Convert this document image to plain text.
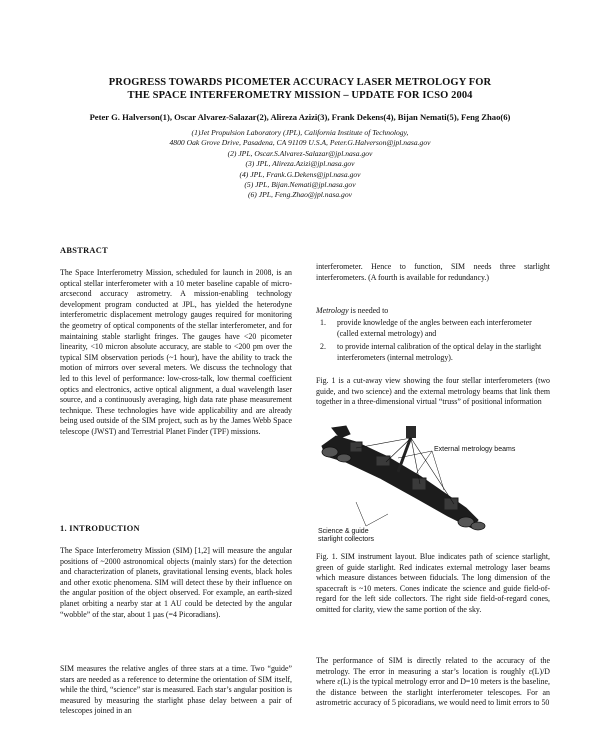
PROGRESS TOWARDS PICOMETER ACCURACY LASER METROLOGY FOR
THE SPACE INTERFEROMETRY MISSION – UPDATE FOR ICSO 2004
Peter G. Halverson(1), Oscar Alvarez-Salazar(2), Alireza Azizi(3), Frank Dekens(4), Bijan Nemati(5), Feng Zhao(6)
(1)Jet Propulsion Laboratory (JPL), California Institute of Technology,
4800 Oak Grove Drive, Pasadena, CA 91109 U.S.A, Peter.G.Halverson@jpl.nasa.gov
(2) JPL, Oscar.S.Alvarez-Salazar@jpl.nasa.gov
(3) JPL, Alireza.Azizi@jpl.nasa.gov
(4) JPL, Frank.G.Dekens@jpl.nasa.gov
(5) JPL, Bijan.Nemati@jpl.nasa.gov
(6) JPL, Feng.Zhao@jpl.nasa.gov
ABSTRACT
The Space Interferometry Mission, scheduled for launch in 2008, is an optical stellar interferometer with a 10 meter baseline capable of micro-arcsecond accuracy astrometry. A mission-enabling technology development program conducted at JPL, has yielded the heterodyne interferometric displacement metrology gauges required for monitoring the geometry of optical components of the stellar interferometer, and for maintaining stable starlight fringes. The gauges have <20 picometer linearity, <10 micron absolute accuracy, are stable to <200 pm over the typical SIM observation periods (~1 hour), have the ability to track the motion of mirrors over several meters. We discuss the technology that led to this level of performance: low-cross-talk, low thermal coefficient optics and electronics, active optical alignment, a dual wavelength laser source, and a continuously averaging, high data rate phase measurement technique. These technologies have wide applicability and are already being used outside of the SIM project, such as by the James Webb Space telescope (JWST) and Terrestrial Planet Finder (TPF) missions.
1. INTRODUCTION
The Space Interferometry Mission (SIM) [1,2] will measure the angular positions of ~2000 astronomical objects (mainly stars) for the detection and characterization of planets, gravitational lensing events, black holes and other exotic phenomena. SIM will detect these by their influence on the angular position of the object observed. For example, an earth-sized planet orbiting a nearby star at 1 AU could be detected by the angular “wobble” of the star, about 1 µas (=4 Picoradians).
SIM measures the relative angles of three stars at a time. Two “guide” stars are needed as a reference to determine the orientation of SIM itself, while the third, “science” star is measured. Each star’s angular position is measured by measuring the starlight phase delay between a pair of telescopes joined in an
interferometer. Hence to function, SIM needs three starlight interferometers. (A fourth is available for redundancy.)
Metrology is needed to
1. provide knowledge of the angles between each interferometer (called external metrology) and
2. to provide internal calibration of the optical delay in the starlight interferometers (internal metrology).
Fig. 1 is a cut-away view showing the four stellar interferometers (two guide, and two science) and the external metrology beams that link them together in a three-dimensional virtual “truss” of positional information
External metrology beams
Science & guide
starlight collectors
Fig. 1. SIM instrument layout. Blue indicates path of science starlight, green of guide starlight. Red indicates external metrology laser beams which measure distances between fiducials. The long dimension of the spacecraft is ~10 meters. Cones indicate the science and guide field-of-regard for the left side collectors. The right side field-of-regard cones, omitted for clarity, view the same portion of the sky.
The performance of SIM is directly related to the accuracy of the metrology. The error in measuring a star’s location is roughly ε(L)/D where ε(L) is the typical metrology error and D=10 meters is the baseline, the distance between the starlight interferometer telescopes. For an astrometric accuracy of 5 picoradians, we would need to limit errors to 50
